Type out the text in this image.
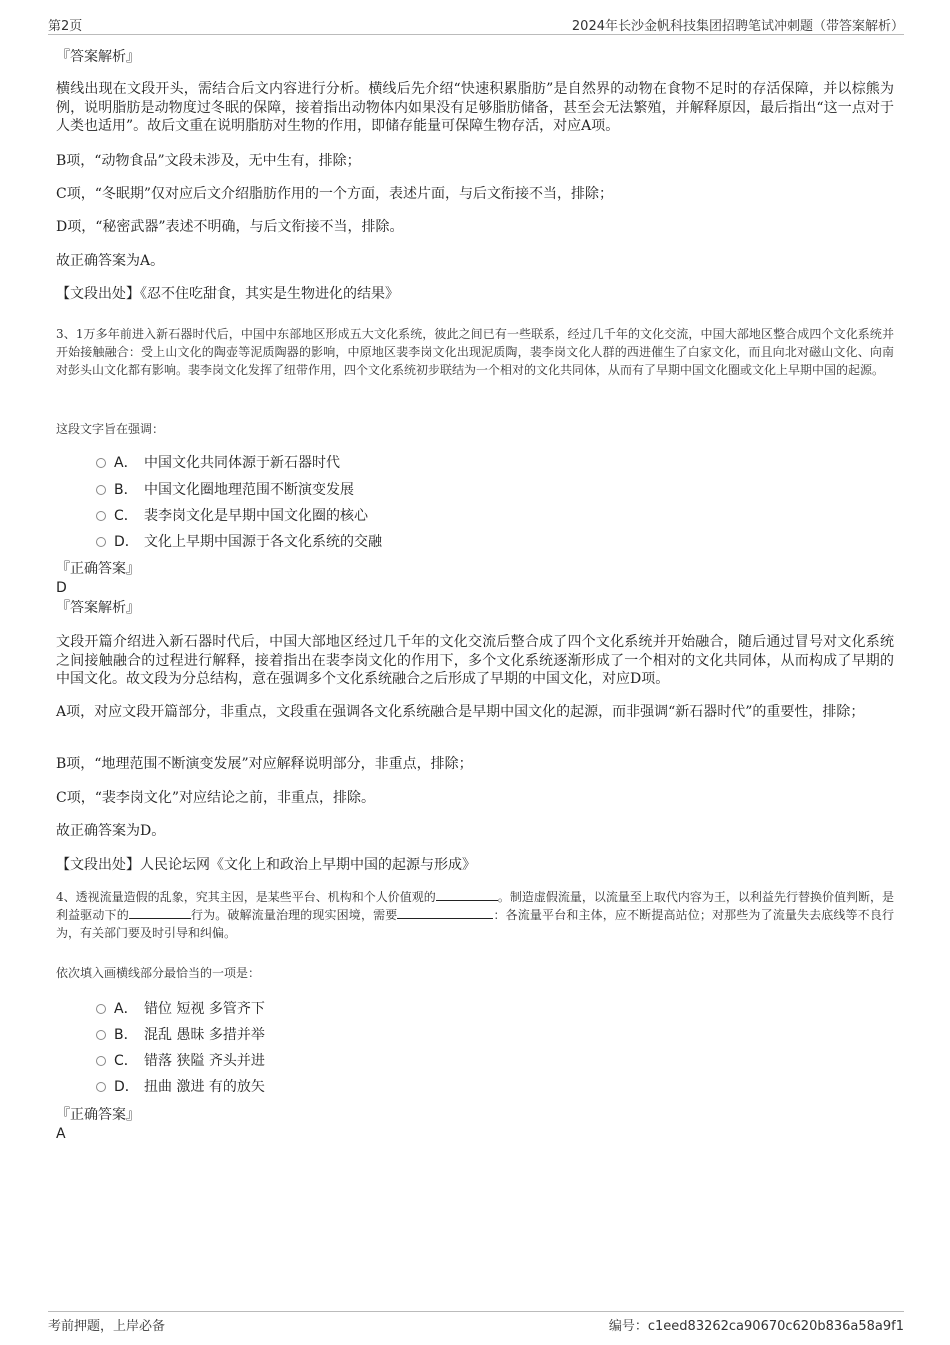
第2页	2024年长沙金帆科技集团招聘笔试冲刺题（带答案解析）
『答案解析』
横线出现在文段开头，需结合后文内容进行分析。横线后先介绍“快速积累脂肪”是自然界的动物在食物不足时的存活保障，并以棕熊为例，说明脂肪是动物度过冬眠的保障，接着指出动物体内如果没有足够脂肪储备，甚至会无法繁殖，并解释原因，最后指出“这一点对于人类也适用”。故后文重在说明脂肪对生物的作用，即储存能量可保障生物存活，对应A项。
B项，“动物食品”文段未涉及，无中生有，排除；
C项，“冬眠期”仅对应后文介绍脂肪作用的一个方面，表述片面，与后文衔接不当，排除；
D项，“秘密武器”表述不明确，与后文衔接不当，排除。
故正确答案为A。
【文段出处】《忍不住吃甜食，其实是生物进化的结果》
3、1万多年前进入新石器时代后，中国中东部地区形成五大文化系统，彼此之间已有一些联系，经过几千年的文化交流，中国大部地区整合成四个文化系统并开始接触融合：受上山文化的陶壶等泥质陶器的影响，中原地区裴李岗文化出现泥质陶，裴李岗文化人群的西进催生了白家文化，而且向北对磁山文化、向南对彭头山文化都有影响。裴李岗文化发挥了纽带作用，四个文化系统初步联结为一个相对的文化共同体，从而有了早期中国文化圈或文化上早期中国的起源。
这段文字旨在强调：
A． 中国文化共同体源于新石器时代
B． 中国文化圈地理范围不断演变发展
C． 裴李岗文化是早期中国文化圈的核心
D． 文化上早期中国源于各文化系统的交融
『正确答案』
D
『答案解析』
文段开篇介绍进入新石器时代后，中国大部地区经过几千年的文化交流后整合成了四个文化系统并开始融合，随后通过冒号对文化系统之间接触融合的过程进行解释，接着指出在裴李岗文化的作用下，多个文化系统逐渐形成了一个相对的文化共同体，从而构成了早期的中国文化。故文段为分总结构，意在强调多个文化系统融合之后形成了早期的中国文化，对应D项。
A项，对应文段开篇部分，非重点，文段重在强调各文化系统融合是早期中国文化的起源，而非强调“新石器时代”的重要性，排除；
B项，“地理范围不断演变发展”对应解释说明部分，非重点，排除；
C项，“裴李岗文化”对应结论之前，非重点，排除。
故正确答案为D。
【文段出处】人民论坛网《文化上和政治上早期中国的起源与形成》
4、透视流量造假的乱象，究其主因，是某些平台、机构和个人价值观的	。制造虚假流量，以流量至上取代内容为王，以利益先行替换价值判断，是利益驱动下的	行为。破解流量治理的现实困境，需要	：各流量平台和主体，应不断提高站位；对那些为了流量失去底线等不良行为，有关部门要及时引导和纠偏。
依次填入画横线部分最恰当的一项是：
A． 错位 短视 多管齐下
B． 混乱 愚昧 多措并举
C． 错落 狭隘 齐头并进
D． 扭曲 激进 有的放矢
『正确答案』
A
考前押题，上岸必备	编号：c1eed83262ca90670c620b836a58a9f1
